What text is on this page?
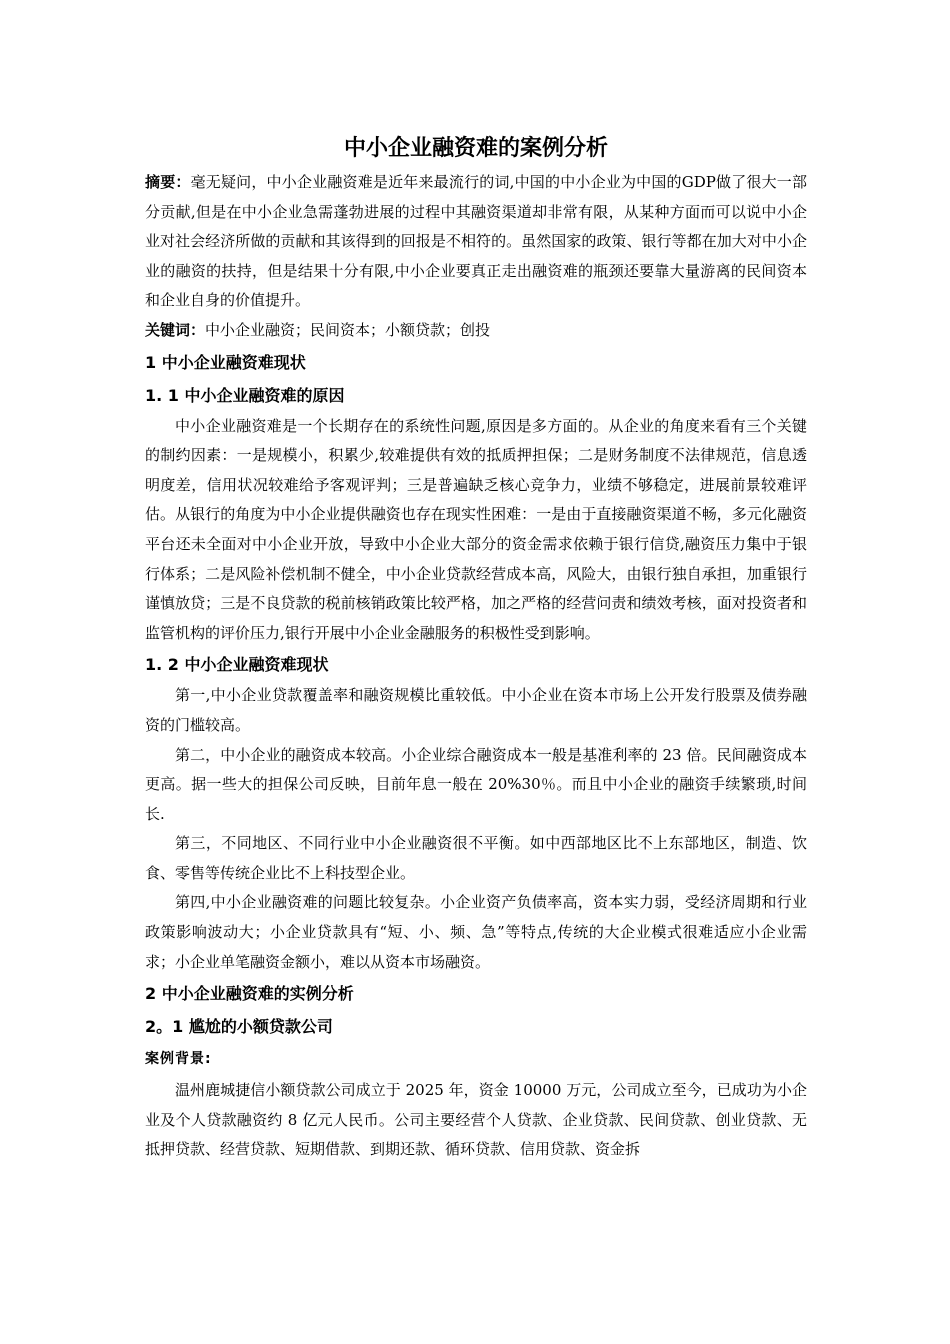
中小企业融资难的案例分析

摘要：毫无疑问，中小企业融资难是近年来最流行的词,中国的中小企业为中国的GDP做了很大一部分贡献,但是在中小企业急需蓬勃进展的过程中其融资渠道却非常有限，从某种方面而可以说中小企业对社会经济所做的贡献和其该得到的回报是不相符的。虽然国家的政策、银行等都在加大对中小企业的融资的扶持，但是结果十分有限,中小企业要真正走出融资难的瓶颈还要靠大量游离的民间资本和企业自身的价值提升。

关键词：中小企业融资；民间资本；小额贷款；创投

1 中小企业融资难现状
1. 1 中小企业融资难的原因

中小企业融资难是一个长期存在的系统性问题,原因是多方面的。从企业的角度来看有三个关键的制约因素：一是规模小，积累少,较难提供有效的抵质押担保；二是财务制度不法律规范，信息透明度差，信用状况较难给予客观评判；三是普遍缺乏核心竞争力，业绩不够稳定，进展前景较难评估。从银行的角度为中小企业提供融资也存在现实性困难：一是由于直接融资渠道不畅，多元化融资平台还未全面对中小企业开放，导致中小企业大部分的资金需求依赖于银行信贷,融资压力集中于银行体系；二是风险补偿机制不健全，中小企业贷款经营成本高，风险大，由银行独自承担，加重银行谨慎放贷；三是不良贷款的税前核销政策比较严格，加之严格的经营问责和绩效考核，面对投资者和监管机构的评价压力,银行开展中小企业金融服务的积极性受到影响。

1. 2 中小企业融资难现状

第一,中小企业贷款覆盖率和融资规模比重较低。中小企业在资本市场上公开发行股票及债券融资的门槛较高。

第二，中小企业的融资成本较高。小企业综合融资成本一般是基准利率的 23 倍。民间融资成本更高。据一些大的担保公司反映，目前年息一般在 20%30％。而且中小企业的融资手续繁琐,时间长.

第三，不同地区、不同行业中小企业融资很不平衡。如中西部地区比不上东部地区，制造、饮食、零售等传统企业比不上科技型企业。

第四,中小企业融资难的问题比较复杂。小企业资产负债率高，资本实力弱，受经济周期和行业政策影响波动大；小企业贷款具有“短、小、频、急”等特点,传统的大企业模式很难适应小企业需求；小企业单笔融资金额小，难以从资本市场融资。

2 中小企业融资难的实例分析
2。1 尴尬的小额贷款公司

案例背景:

温州鹿城捷信小额贷款公司成立于 2025 年，资金 10000 万元，公司成立至今，已成功为小企业及个人贷款融资约 8 亿元人民币。公司主要经营个人贷款、企业贷款、民间贷款、创业贷款、无抵押贷款、经营贷款、短期借款、到期还款、循环贷款、信用贷款、资金拆
